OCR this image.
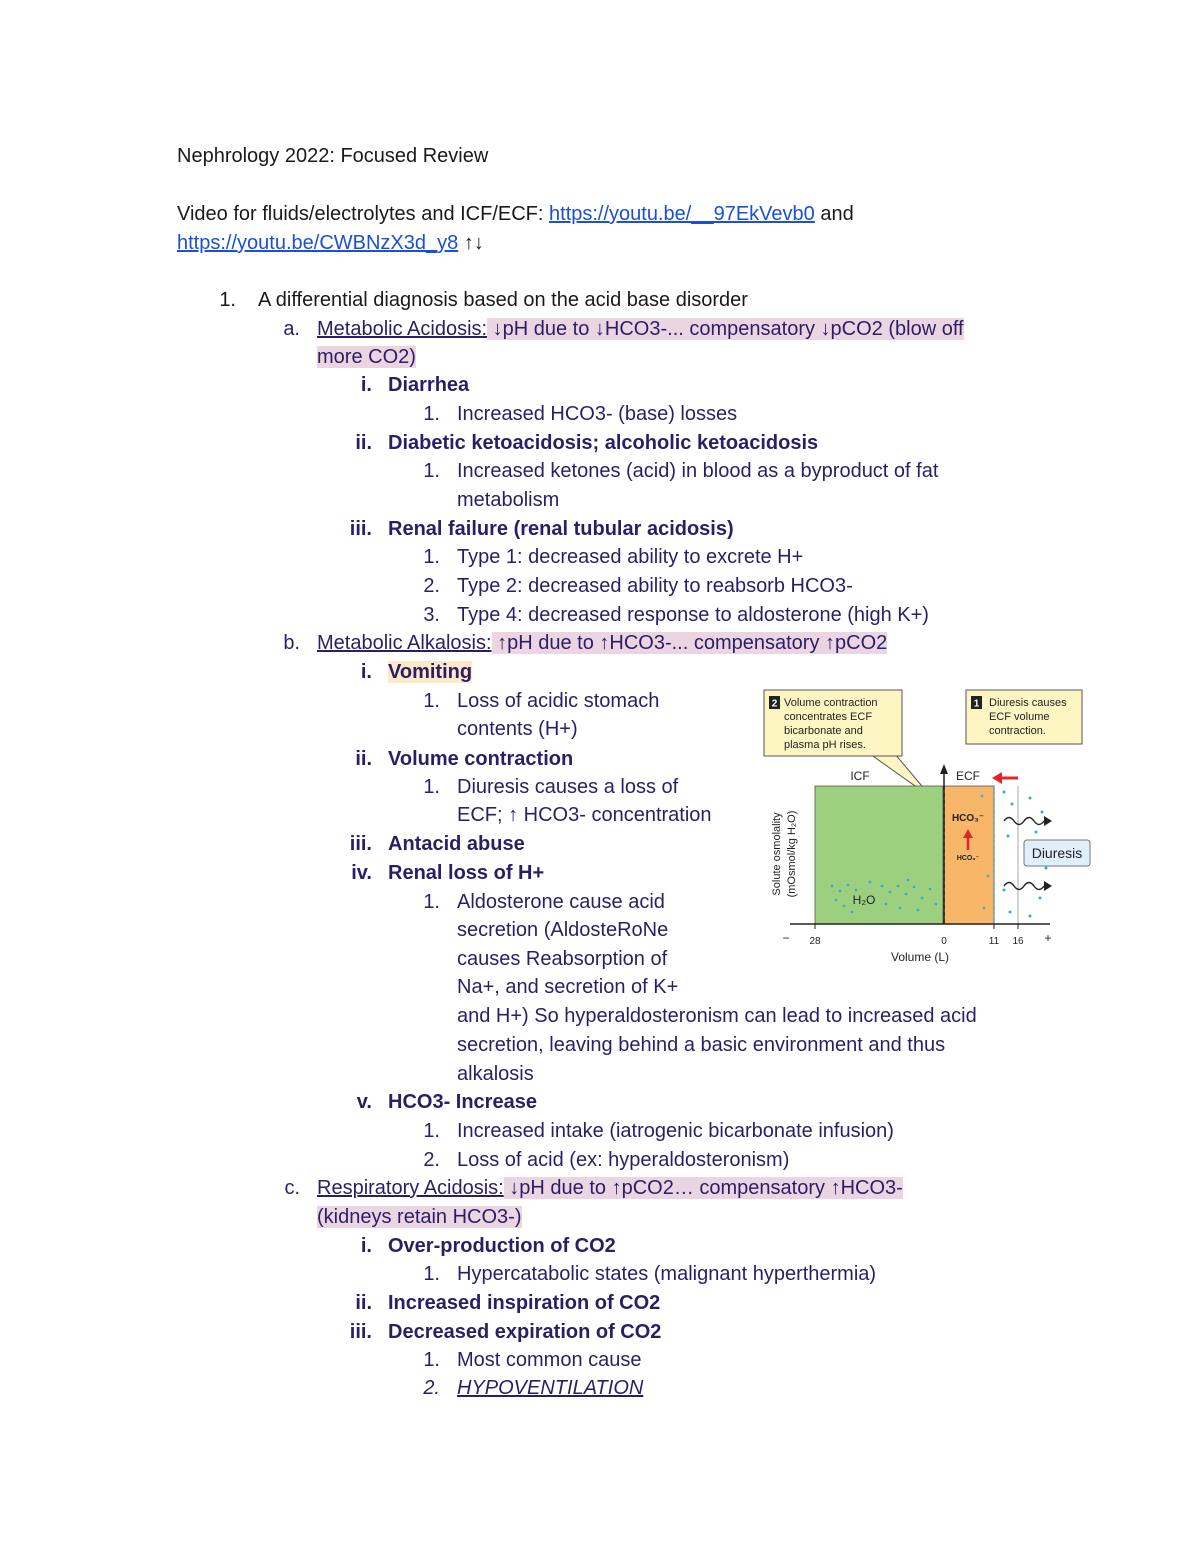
Nephrology 2022: Focused Review
Video for fluids/electrolytes and ICF/ECF: https://youtu.be/__97EkVevb0 and
https://youtu.be/CWBNzX3d_y8 ↑↓
1. A differential diagnosis based on the acid base disorder
a. Metabolic Acidosis: ↓pH due to ↓HCO3-... compensatory ↓pCO2 (blow off
more CO2)
i. Diarrhea
1. Increased HCO3- (base) losses
ii. Diabetic ketoacidosis; alcoholic ketoacidosis
1. Increased ketones (acid) in blood as a byproduct of fat
metabolism
iii. Renal failure (renal tubular acidosis)
1. Type 1: decreased ability to excrete H+
2. Type 2: decreased ability to reabsorb HCO3-
3. Type 4: decreased response to aldosterone (high K+)
b. Metabolic Alkalosis: ↑pH due to ↑HCO3-... compensatory ↑pCO2
i. Vomiting
1. Loss of acidic stomach
contents (H+)
ii. Volume contraction
1. Diuresis causes a loss of
ECF; ↑ HCO3- concentration
iii. Antacid abuse
iv. Renal loss of H+
1. Aldosterone cause acid
secretion (AldosteRoNe
causes Reabsorption of
Na+, and secretion of K+
and H+) So hyperaldosteronism can lead to increased acid
secretion, leaving behind a basic environment and thus
alkalosis
v. HCO3- Increase
1. Increased intake (iatrogenic bicarbonate infusion)
2. Loss of acid (ex: hyperaldosteronism)
c. Respiratory Acidosis: ↓pH due to ↑pCO2… compensatory ↑HCO3-
(kidneys retain HCO3-)
i. Over-production of CO2
1. Hypercatabolic states (malignant hyperthermia)
ii. Increased inspiration of CO2
iii. Decreased expiration of CO2
1. Most common cause
2. HYPOVENTILATION
2 Volume contraction
concentrates ECF
bicarbonate and
plasma pH rises.
1 Diuresis causes
ECF volume
contraction.
ICF	ECF
− 28	0	11 16 +
Volume (L)
Solute osmolality (mOsmol/kg H₂O)	HCO₃⁻
HCO₃⁻
H₂O
Diuresis
